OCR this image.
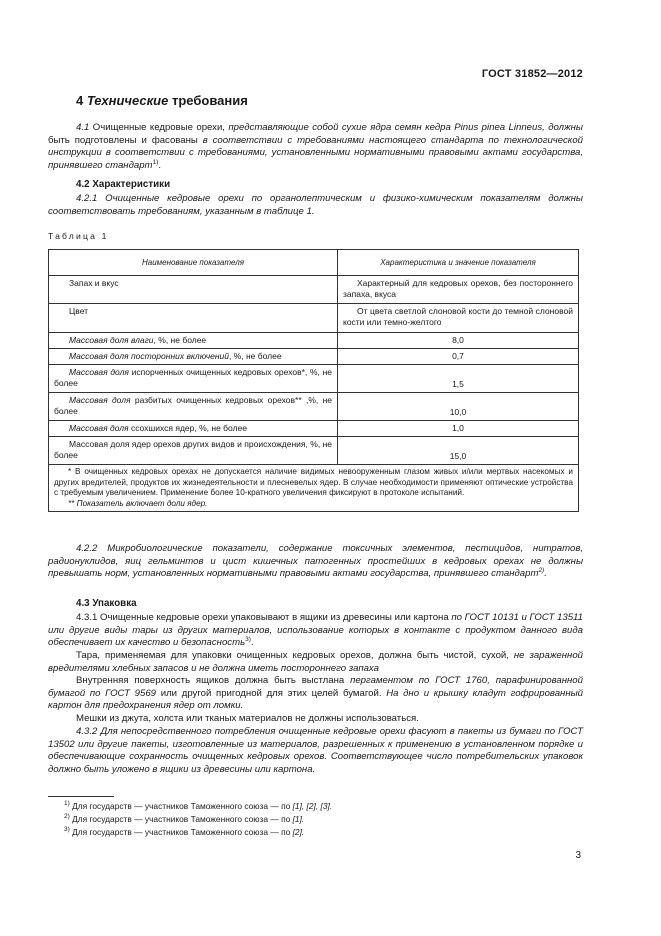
ГОСТ 31852—2012
4 Технические требования
4.1 Очищенные кедровые орехи, представляющие собой сухие ядра семян кедра Pinus pinea Linneus, должны быть подготовлены и фасованы в соответствии с требованиями настоящего стандарта по технологической инструкции в соответствии с требованиями, установленными нормативными правовыми актами государства, принявшего стандарт$^{1)}$.
4.2 Характеристики
4.2.1 Очищенные кедровые орехи по органолептическим и физико-химическим показателям должны соответствовать требованиям, указанным в таблице 1.
Таблица 1
Наименование показателя	Характеристика и значение показателя
Запах и вкус	Характерный для кедровых орехов, без постороннего запаха, вкуса
Цвет	От цвета светлой слоновой кости до темной слоновой кости или темно-желтого
Массовая доля влаги, %, не более	8,0
Массовая доля посторонних включений, %, не более	0,7
Массовая доля испорченных очищенных кедровых орехов*, %, не более	1,5
Массовая доля разбитых очищенных кедровых орехов** ,%, не более	10,0
Массовая доля ссохшихся ядер, %, не более	1,0
Массовая доля ядер орехов других видов и происхождения, %, не более	15,0

* В очищенных кедровых орехах не допускается наличие видимых невооруженным глазом живых и/или мертвых насекомых и других вредителей, продуктов их жизнедеятельности и плесневелых ядер. В случае необходимости применяют оптические устройства с требуемым увеличением. Применение более 10-кратного увеличения фиксируют в протоколе испытаний.
** Показатель включает доли ядер.	
4.2.2 Микробиологические показатели, содержание токсичных элементов, пестицидов, нитратов, радионуклидов, яиц гельминтов и цист кишечных патогенных простейших в кедровых орехах не должны превышать норм, установленных нормативными правовыми актами государства, принявшего стандарт$^{2)}$.
4.3 Упаковка
4.3.1 Очищенные кедровые орехи упаковывают в ящики из древесины или картона по ГОСТ 10131 и ГОСТ 13511 или другие виды тары из других материалов, использование которых в контакте с продуктом данного вида обеспечивает их качество и безопасность$^{3)}$.
Тара, применяемая для упаковки очищенных кедровых орехов, должна быть чистой, сухой, не зараженной вредителями хлебных запасов и не должна иметь постороннего запаха
Внутренняя поверхность ящиков должна быть выстлана пергаментом по ГОСТ 1760, парафинированной бумагой по ГОСТ 9569 или другой пригодной для этих целей бумагой. На дно и крышку кладут гофрированный картон для предохранения ядер от ломки.
Мешки из джута, холста или тканых материалов не должны использоваться.
4.3.2 Для непосредственного потребления очищенные кедровые орехи фасуют в пакеты из бумаги по ГОСТ 13502 или другие пакеты, изготовленные из материалов, разрешенных к применению в установленном порядке и обеспечивающие сохранность очищенных кедровых орехов. Соответствующее число потребительских упаковок должно быть уложено в ящики из древесины или картона.
$^{1)}$ Для государств — участников Таможенного союза — по [1], [2], [3].
$^{2)}$ Для государств — участников Таможенного союза — по [1].
$^{3)}$ Для государств — участников Таможенного союза — по [2].
3
